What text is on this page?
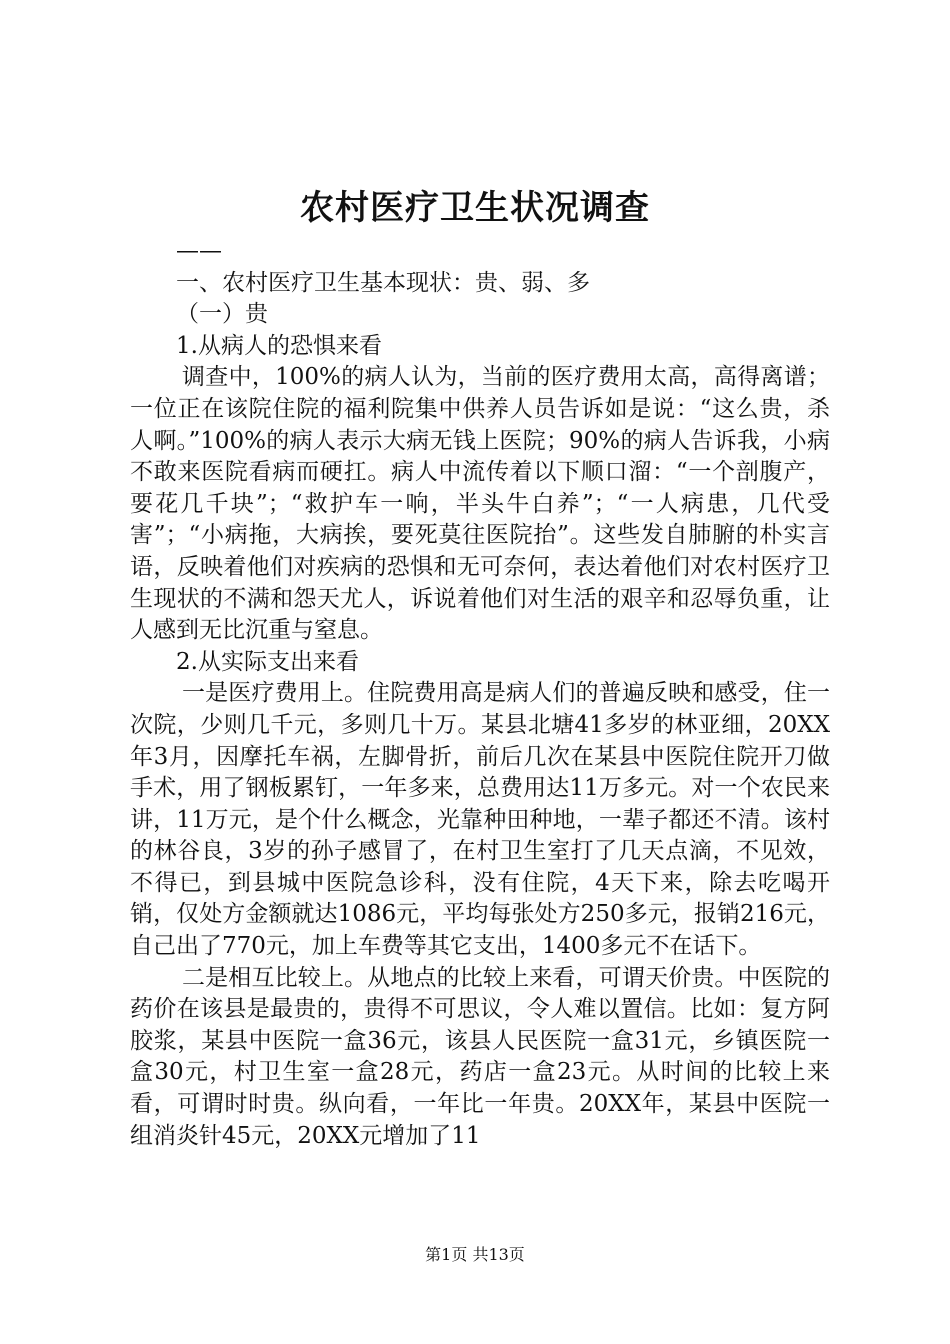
农村医疗卫生状况调查

——

一、农村医疗卫生基本现状：贵、弱、多

（一）贵

1.从病人的恐惧来看

调查中，100%的病人认为，当前的医疗费用太高，高得离谱；一位正在该院住院的福利院集中供养人员告诉如是说：“这么贵，杀人啊。”100%的病人表示大病无钱上医院；90%的病人告诉我，小病不敢来医院看病而硬扛。病人中流传着以下顺口溜：“一个剖腹产，要花几千块”；“救护车一响，半头牛白养”；“一人病患，几代受害”；“小病拖，大病挨，要死莫往医院抬”。这些发自肺腑的朴实言语，反映着他们对疾病的恐惧和无可奈何，表达着他们对农村医疗卫生现状的不满和怨天尤人，诉说着他们对生活的艰辛和忍辱负重，让人感到无比沉重与窒息。

2.从实际支出来看

一是医疗费用上。住院费用高是病人们的普遍反映和感受，住一次院，少则几千元，多则几十万。某县北塘41多岁的林亚细，20XX年3月，因摩托车祸，左脚骨折，前后几次在某县中医院住院开刀做手术，用了钢板累钉，一年多来，总费用达11万多元。对一个农民来讲，11万元，是个什么概念，光靠种田种地，一辈子都还不清。该村的林谷良，3岁的孙子感冒了，在村卫生室打了几天点滴，不见效，不得已，到县城中医院急诊科，没有住院，4天下来，除去吃喝开销，仅处方金额就达1086元，平均每张处方250多元，报销216元，自己出了770元，加上车费等其它支出，1400多元不在话下。

二是相互比较上。从地点的比较上来看，可谓天价贵。中医院的药价在该县是最贵的，贵得不可思议，令人难以置信。比如：复方阿胶浆，某县中医院一盒36元，该县人民医院一盒31元，乡镇医院一盒30元，村卫生室一盒28元，药店一盒23元。从时间的比较上来看，可谓时时贵。纵向看，一年比一年贵。20XX年，某县中医院一组消炎针45元，20XX元增加了11

第1页 共13页
